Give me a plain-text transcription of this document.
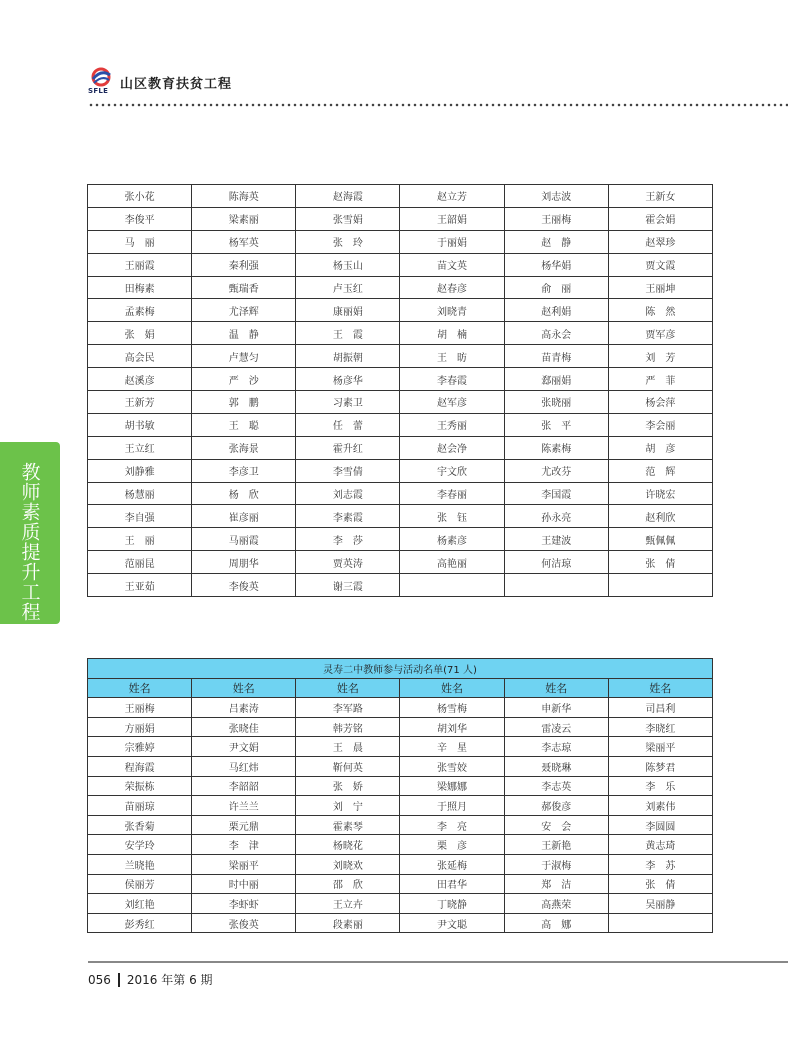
SFLE 山区教育扶贫工程
教师素质提升工程
张小花	陈海英	赵海霞	赵立芳	刘志波	王新女
李俊平	梁素丽	张雪娟	王韶娟	王丽梅	霍会娟
马　丽	杨军英	张　玲	于丽娟	赵　静	赵翠珍
王丽霞	秦利强	杨玉山	苗文英	杨华娟	贾文霞
田梅素	甄瑞香	卢玉红	赵春彦	俞　丽	王丽坤
孟素梅	尤泽辉	康丽娟	刘晓青	赵利娟	陈　然
张　娟	温　静	王　霞	胡　楠	高永会	贾军彦
高会民	卢慧匀	胡振朝	王　昉	苗青梅	刘　芳
赵溪彦	严　沙	杨彦华	李春霞	郄丽娟	严　菲
王新芳	郭　鹏	习素卫	赵军彦	张晓丽	杨会萍
胡书敏	王　聪	任　蕾	王秀丽	张　平	李会丽
王立红	张海景	霍升红	赵会净	陈素梅	胡　彦
刘静雅	李彦卫	李雪倩	宇文欣	尤改芬	范　辉
杨慧丽	杨　欣	刘志霞	李春丽	李国霞	许晓宏
李自强	崔彦丽	李素霞	张　钰	孙永亮	赵利欣
王　丽	马丽霞	李　莎	杨素彦	王建波	甄佩佩
范丽昆	周朋华	贾英涛	高艳丽	何洁琼	张　倩
王亚茹	李俊英	谢三霞			
灵寿二中教师参与活动名单(71 人)					
姓名	姓名	姓名	姓名	姓名	姓名
王丽梅	吕素涛	李军路	杨雪梅	申新华	司昌利
方丽娟	张晓佳	韩芳铭	胡刘华	雷凌云	李晓红
宗雅婷	尹文娟	王　晨	辛　星	李志琼	梁丽平
程海霞	马红炜	靳何英	张雪姣	聂晓琳	陈梦君
荣振栋	李韶韶	张　娇	梁娜娜	李志英	李　乐
苗丽琼	许兰兰	刘　宁	于照月	郝俊彦	刘素伟
张香菊	栗元鼎	霍素琴	李　亮	安　会	李圆圆
安学玲	李　津	杨晓花	栗　彦	王新艳	黄志琦
兰晓艳	梁丽平	刘晓欢	张延梅	于淑梅	李　苏
侯丽芳	时中丽	邵　欣	田君华	郑　洁	张　倩
刘红艳	李虾虾	王立卉	丁晓静	高燕荣	吴丽静
彭秀红	张俊英	段素丽	尹文聪	高　娜	
056 2016 年第 6 期
